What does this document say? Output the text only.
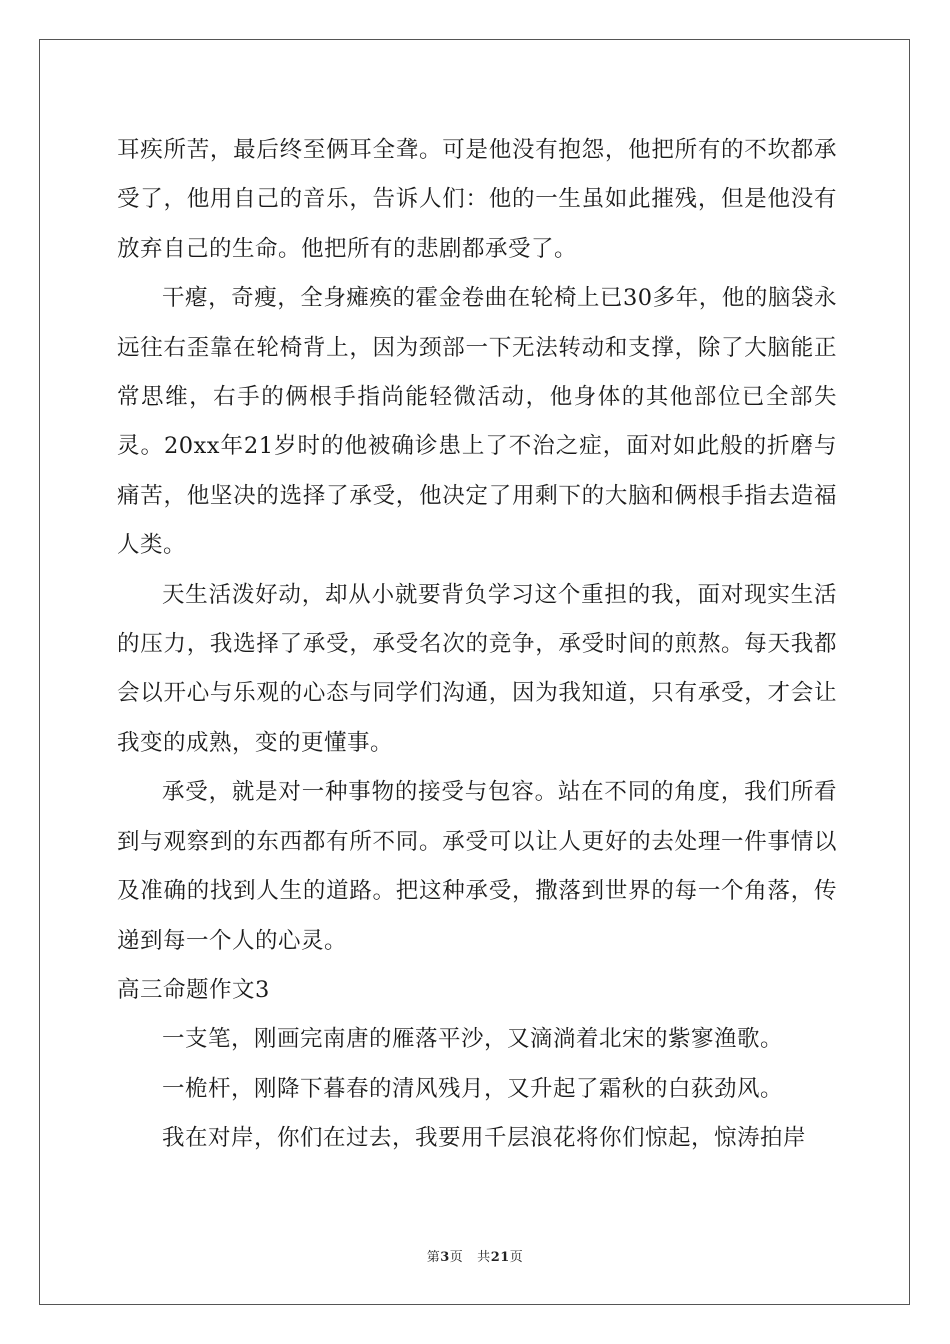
耳疾所苦，最后终至俩耳全聋。可是他没有抱怨，他把所有的不坎都承受了，他用自己的音乐，告诉人们：他的一生虽如此摧残，但是他没有放弃自己的生命。他把所有的悲剧都承受了。

干瘪，奇瘦，全身瘫痪的霍金卷曲在轮椅上已30多年，他的脑袋永远往右歪靠在轮椅背上，因为颈部一下无法转动和支撑，除了大脑能正常思维，右手的俩根手指尚能轻微活动，他身体的其他部位已全部失灵。20xx年21岁时的他被确诊患上了不治之症，面对如此般的折磨与痛苦，他坚决的选择了承受，他决定了用剩下的大脑和俩根手指去造福人类。

天生活泼好动，却从小就要背负学习这个重担的我，面对现实生活的压力，我选择了承受，承受名次的竞争，承受时间的煎熬。每天我都会以开心与乐观的心态与同学们沟通，因为我知道，只有承受，才会让我变的成熟，变的更懂事。

承受，就是对一种事物的接受与包容。站在不同的角度，我们所看到与观察到的东西都有所不同。承受可以让人更好的去处理一件事情以及准确的找到人生的道路。把这种承受，撒落到世界的每一个角落，传递到每一个人的心灵。

高三命题作文3

一支笔，刚画完南唐的雁落平沙，又滴淌着北宋的紫寥渔歌。

一桅杆，刚降下暮春的清风残月，又升起了霜秋的白荻劲风。

我在对岸，你们在过去，我要用千层浪花将你们惊起，惊涛拍岸

第3页 共21页
